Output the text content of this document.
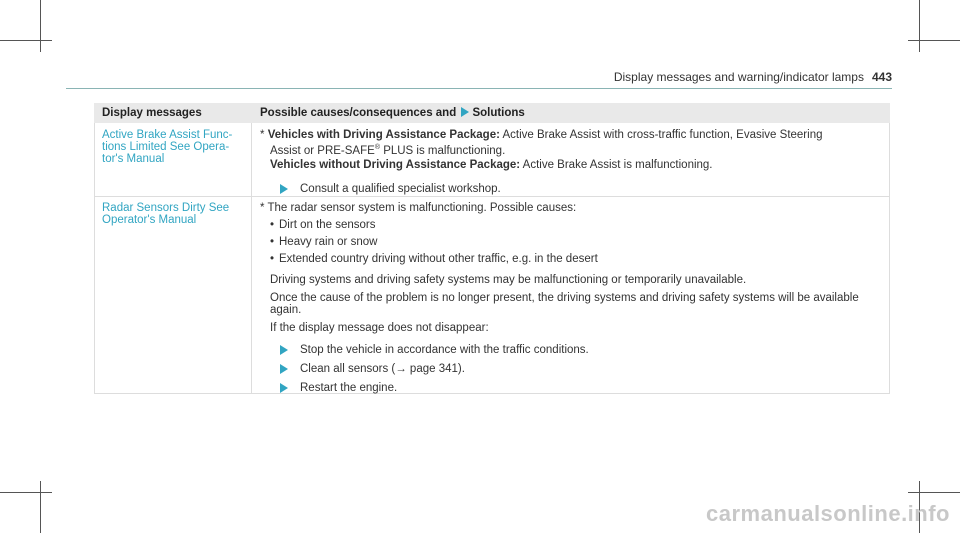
Display messages and warning/indicator lamps 443
Display messages	Possible causes/consequences and Solutions
Active Brake Assist Func-
tions Limited See Opera-
tor's Manual
* Vehicles with Driving Assistance Package: Active Brake Assist with cross-traffic function, Evasive Steering
Assist or PRE-SAFE® PLUS is malfunctioning.
Vehicles without Driving Assistance Package: Active Brake Assist is malfunctioning.
Consult a qualified specialist workshop.
Radar Sensors Dirty See
Operator's Manual
* The radar sensor system is malfunctioning. Possible causes:
Dirt on the sensors
Heavy rain or snow
Extended country driving without other traffic, e.g. in the desert
Driving systems and driving safety systems may be malfunctioning or temporarily unavailable.
Once the cause of the problem is no longer present, the driving systems and driving safety systems will be available
again.
If the display message does not disappear:
Stop the vehicle in accordance with the traffic conditions.
Clean all sensors (→ page 341).
Restart the engine.
carmanualsonline.info
